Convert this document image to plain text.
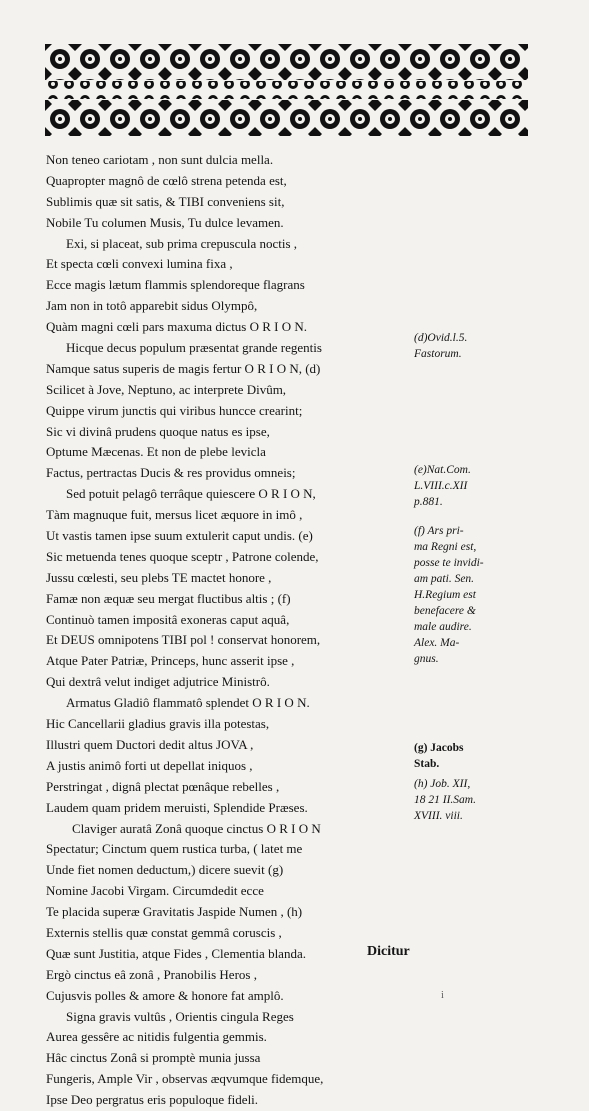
Non teneo cariotam , non sunt dulcia mella.
Quapropter magnô de cœlô strena petenda est,
Sublimis quæ sit satis, & TIBI conveniens sit,
Nobile Tu columen Musis, Tu dulce levamen.
Exi, si placeat, sub prima crepuscula noctis ,
Et specta cœli convexi lumina fixa ,
Ecce magis lætum flammis splendoreque flagrans
Jam non in totô apparebit sidus Olympô,
Quàm magni cœli pars maxuma dictus O R I O N.
Hicque decus populum præsentat grande regentis
Namque satus superis de magis fertur O R I O N, (d)
Scilicet à Jove, Neptuno, ac interprete Divûm,
Quippe virum junctis qui viribus huncce crearint;
Sic vi divinâ prudens quoque natus es ipse,
Optume Mæcenas. Et non de plebe levicla
Factus, pertractas Ducis & res providus omneis;
Sed potuit pelagô terrâque quiescere O R I O N,
Tàm magnuque fuit, mersus licet æquore in imô ,
Ut vastis tamen ipse suum extulerit caput undis. (e)
Sic metuenda tenes quoque sceptr , Patrone colende,
Jussu cœlesti, seu plebs TE mactet honore ,
Famæ non æquæ seu mergat fluctibus altis ; (f)
Continuò tamen impositâ exoneras caput aquâ,
Et DEUS omnipotens TIBI pol ! conservat honorem,
Atque Pater Patriæ, Princeps, hunc asserit ipse ,
Qui dextrâ velut indiget adjutrice Ministrô.
Armatus Gladiô flammatô splendet O R I O N.
Hic Cancellarii gladius gravis illa potestas,
Illustri quem Ductori dedit altus JOVA ,
A justis animô forti ut depellat iniquos ,
Perstringat , dignâ plectat pœnâque rebelles ,
Laudem quam pridem meruisti, Splendide Præses.
Claviger auratâ Zonâ quoque cinctus O R I O N
Spectatur; Cinctum quem rustica turba, ( latet me
Unde fiet nomen deductum,) dicere suevit (g)
Nomine Jacobi Virgam. Circumdedit ecce
Te placida superæ Gravitatis Jaspide Numen , (h)
Externis stellis quæ constat gemmâ coruscis ,
Quæ sunt Justitia, atque Fides , Clementia blanda.
Ergò cinctus eâ zonâ , Pranobilis Heros ,
Cujusvis polles & amore & honore fat amplô.
Signa gravis vultûs , Orientis cingula Reges
Aurea gessêre ac nitidis fulgentia gemmis.
Hâc cinctus Zonâ si promptè munia jussa
Fungeris, Ample Vir , observas æqvumque fidemque,
Ipse Deo pergratus eris populoque fideli.
(d)Ovid.l.5.
Fastorum.
(e)Nat.Com.
L.VIII.c.XII
p.881.
(f) Ars pri-
ma Regni est,
posse te invidi-
am pati. Sen.
H.Regium est
benefacere &
male audire.
Alex. Ma-
gnus.
(g) Jacobs
Stab.
(h) Job. XII,
18 21 II.Sam.
XVIII. viii.
Dicitur
i
